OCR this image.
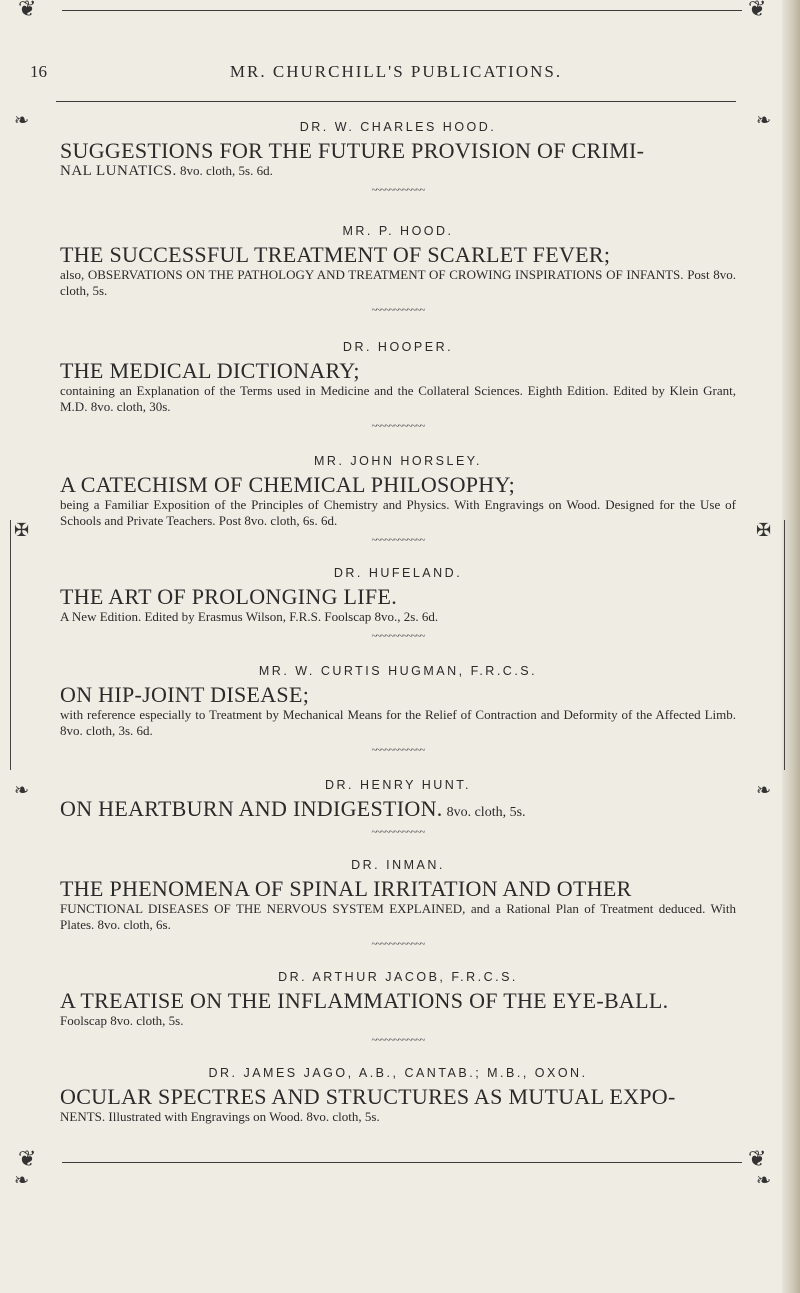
❦	❦
16	MR. CHURCHILL'S PUBLICATIONS.
❧
✠
❧
❧
❧
✠
❧
❧
DR. W. CHARLES HOOD.
SUGGESTIONS FOR THE FUTURE PROVISION OF CRIMI-
NAL LUNATICS. 8vo. cloth, 5s. 6d.
~~~~~~~~~~~~
MR. P. HOOD.
THE SUCCESSFUL TREATMENT OF SCARLET FEVER;
also, OBSERVATIONS ON THE PATHOLOGY AND TREATMENT OF CROWING INSPIRATIONS OF INFANTS. Post 8vo. cloth, 5s.
~~~~~~~~~~~~
DR. HOOPER.
THE MEDICAL DICTIONARY;
containing an Explanation of the Terms used in Medicine and the Collateral Sciences. Eighth Edition. Edited by Klein Grant, M.D. 8vo. cloth, 30s.
~~~~~~~~~~~~
MR. JOHN HORSLEY.
A CATECHISM OF CHEMICAL PHILOSOPHY;
being a Familiar Exposition of the Principles of Chemistry and Physics. With Engravings on Wood. Designed for the Use of Schools and Private Teachers. Post 8vo. cloth, 6s. 6d.
~~~~~~~~~~~~
DR. HUFELAND.
THE ART OF PROLONGING LIFE.
A New Edition. Edited by Erasmus Wilson, F.R.S. Foolscap 8vo., 2s. 6d.
~~~~~~~~~~~~
MR. W. CURTIS HUGMAN, F.R.C.S.
ON HIP-JOINT DISEASE;
with reference especially to Treatment by Mechanical Means for the Relief of Contraction and Deformity of the Affected Limb. 8vo. cloth, 3s. 6d.
~~~~~~~~~~~~
DR. HENRY HUNT.
ON HEARTBURN AND INDIGESTION. 8vo. cloth, 5s.
~~~~~~~~~~~~
DR. INMAN.
THE PHENOMENA OF SPINAL IRRITATION AND OTHER
FUNCTIONAL DISEASES OF THE NERVOUS SYSTEM EXPLAINED, and a Rational Plan of Treatment deduced. With Plates. 8vo. cloth, 6s.
~~~~~~~~~~~~
DR. ARTHUR JACOB, F.R.C.S.
A TREATISE ON THE INFLAMMATIONS OF THE EYE-BALL.
Foolscap 8vo. cloth, 5s.
~~~~~~~~~~~~
DR. JAMES JAGO, A.B., CANTAB.; M.B., OXON.
OCULAR SPECTRES AND STRUCTURES AS MUTUAL EXPO-
NENTS. Illustrated with Engravings on Wood. 8vo. cloth, 5s.
❦	❦
